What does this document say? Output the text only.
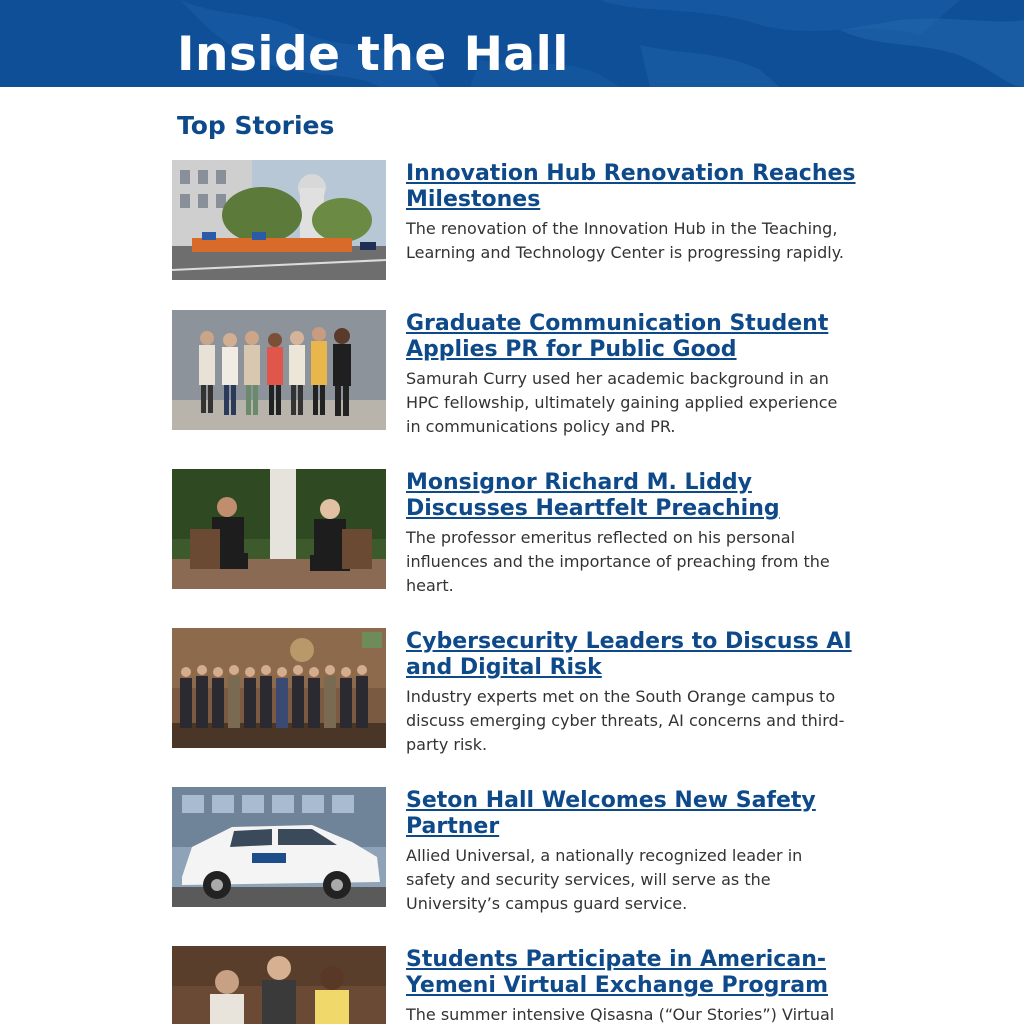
Inside the Hall
Top Stories
Innovation Hub Renovation Reaches Milestones
The renovation of the Innovation Hub in the Teaching, Learning and Technology Center is progressing rapidly.
Graduate Communication Student Applies PR for Public Good
Samurah Curry used her academic background in an HPC fellowship, ultimately gaining applied experience in communications policy and PR.
Monsignor Richard M. Liddy Discusses Heartfelt Preaching
The professor emeritus reflected on his personal influences and the importance of preaching from the heart.
Cybersecurity Leaders to Discuss AI and Digital Risk
Industry experts met on the South Orange campus to discuss emerging cyber threats, AI concerns and third-party risk.
Seton Hall Welcomes New Safety Partner
Allied Universal, a nationally recognized leader in safety and security services, will serve as the University’s campus guard service.
Students Participate in American-Yemeni Virtual Exchange Program
The summer intensive Qisasna (“Our Stories”) Virtual
